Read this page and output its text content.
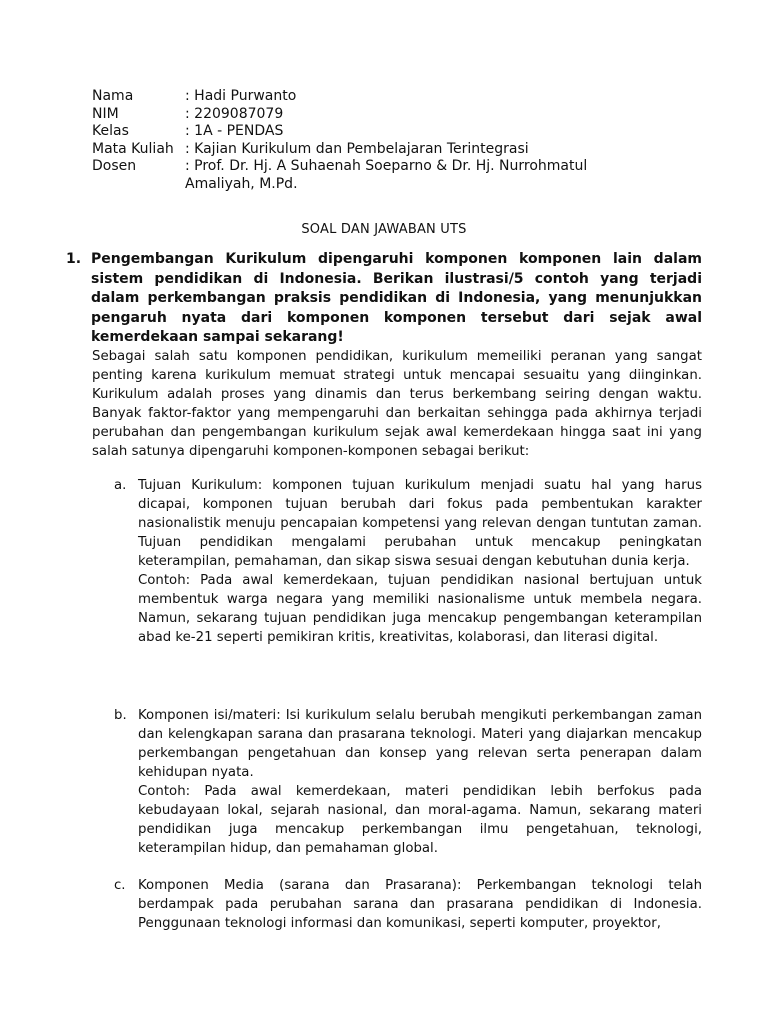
Nama	: Hadi Purwanto
NIM	: 2209087079
Kelas	: 1A - PENDAS
Mata Kuliah : Kajian Kurikulum dan Pembelajaran Terintegrasi
Dosen	: Prof. Dr. Hj. A Suhaenah Soeparno & Dr. Hj. Nurrohmatul Amaliyah, M.Pd.
SOAL DAN JAWABAN UTS
1. Pengembangan Kurikulum dipengaruhi komponen komponen lain dalam sistem pendidikan di Indonesia. Berikan ilustrasi/5 contoh yang terjadi dalam perkembangan praksis pendidikan di Indonesia, yang menunjukkan pengaruh nyata dari komponen komponen tersebut dari sejak awal kemerdekaan sampai sekarang!
Sebagai salah satu komponen pendidikan, kurikulum memeiliki peranan yang sangat penting karena kurikulum memuat strategi untuk mencapai sesuaitu yang diinginkan. Kurikulum adalah proses yang dinamis dan terus berkembang seiring dengan waktu. Banyak faktor-faktor yang mempengaruhi dan berkaitan sehingga pada akhirnya terjadi perubahan dan pengembangan kurikulum sejak awal kemerdekaan hingga saat ini yang salah satunya dipengaruhi komponen-komponen sebagai berikut:
a. Tujuan Kurikulum: komponen tujuan kurikulum menjadi suatu hal yang harus dicapai, komponen tujuan berubah dari fokus pada pembentukan karakter nasionalistik menuju pencapaian kompetensi yang relevan dengan tuntutan zaman. Tujuan pendidikan mengalami perubahan untuk mencakup peningkatan keterampilan, pemahaman, dan sikap siswa sesuai dengan kebutuhan dunia kerja.

Contoh: Pada awal kemerdekaan, tujuan pendidikan nasional bertujuan untuk membentuk warga negara yang memiliki nasionalisme untuk membela negara. Namun, sekarang tujuan pendidikan juga mencakup pengembangan keterampilan abad ke-21 seperti pemikiran kritis, kreativitas, kolaborasi, dan literasi digital.

b. Komponen isi/materi: Isi kurikulum selalu berubah mengikuti perkembangan zaman dan kelengkapan sarana dan prasarana teknologi. Materi yang diajarkan mencakup perkembangan pengetahuan dan konsep yang relevan serta penerapan dalam kehidupan nyata.

Contoh: Pada awal kemerdekaan, materi pendidikan lebih berfokus pada kebudayaan lokal, sejarah nasional, dan moral-agama. Namun, sekarang materi pendidikan juga mencakup perkembangan ilmu pengetahuan, teknologi, keterampilan hidup, dan pemahaman global.

c. Komponen Media (sarana dan Prasarana): Perkembangan teknologi telah berdampak pada perubahan sarana dan prasarana pendidikan di Indonesia. Penggunaan teknologi informasi dan komunikasi, seperti komputer, proyektor,
